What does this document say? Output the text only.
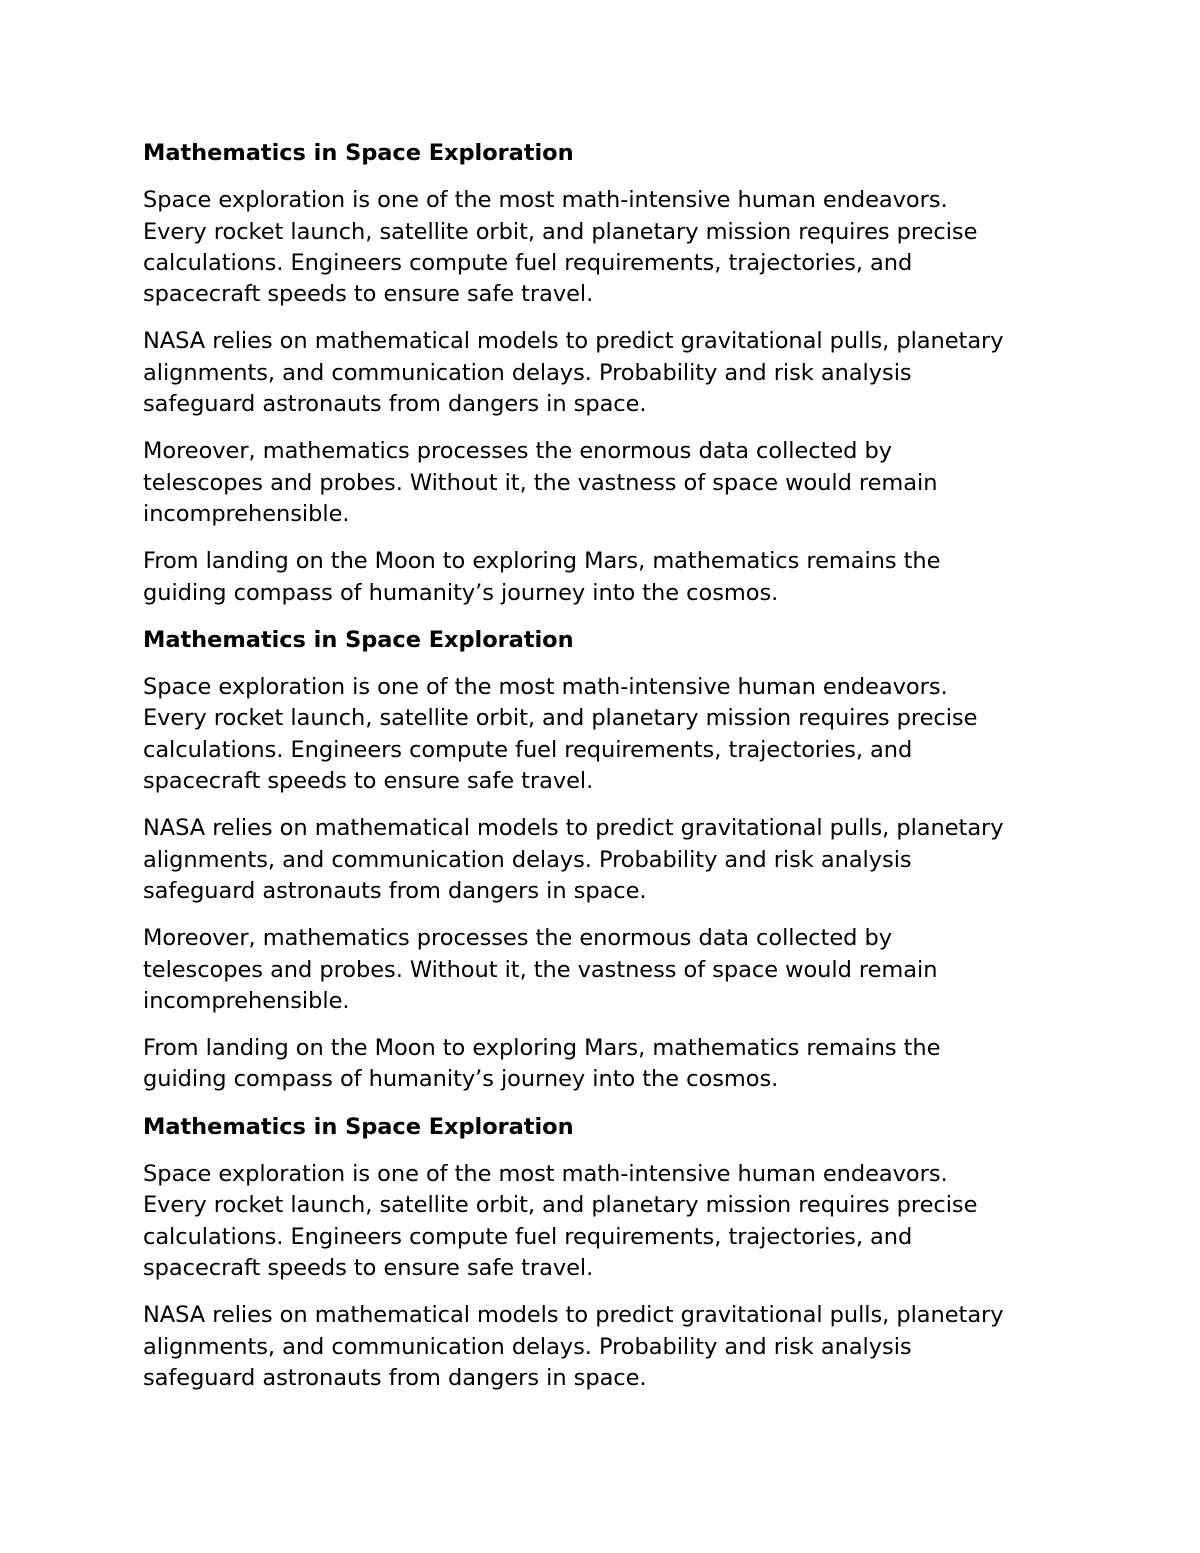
Mathematics in Space Exploration
Space exploration is one of the most math-intensive human endeavors.
Every rocket launch, satellite orbit, and planetary mission requires precise
calculations. Engineers compute fuel requirements, trajectories, and
spacecraft speeds to ensure safe travel.
NASA relies on mathematical models to predict gravitational pulls, planetary
alignments, and communication delays. Probability and risk analysis
safeguard astronauts from dangers in space.
Moreover, mathematics processes the enormous data collected by
telescopes and probes. Without it, the vastness of space would remain
incomprehensible.
From landing on the Moon to exploring Mars, mathematics remains the
guiding compass of humanity’s journey into the cosmos.
Mathematics in Space Exploration
Space exploration is one of the most math-intensive human endeavors.
Every rocket launch, satellite orbit, and planetary mission requires precise
calculations. Engineers compute fuel requirements, trajectories, and
spacecraft speeds to ensure safe travel.
NASA relies on mathematical models to predict gravitational pulls, planetary
alignments, and communication delays. Probability and risk analysis
safeguard astronauts from dangers in space.
Moreover, mathematics processes the enormous data collected by
telescopes and probes. Without it, the vastness of space would remain
incomprehensible.
From landing on the Moon to exploring Mars, mathematics remains the
guiding compass of humanity’s journey into the cosmos.
Mathematics in Space Exploration
Space exploration is one of the most math-intensive human endeavors.
Every rocket launch, satellite orbit, and planetary mission requires precise
calculations. Engineers compute fuel requirements, trajectories, and
spacecraft speeds to ensure safe travel.
NASA relies on mathematical models to predict gravitational pulls, planetary
alignments, and communication delays. Probability and risk analysis
safeguard astronauts from dangers in space.
